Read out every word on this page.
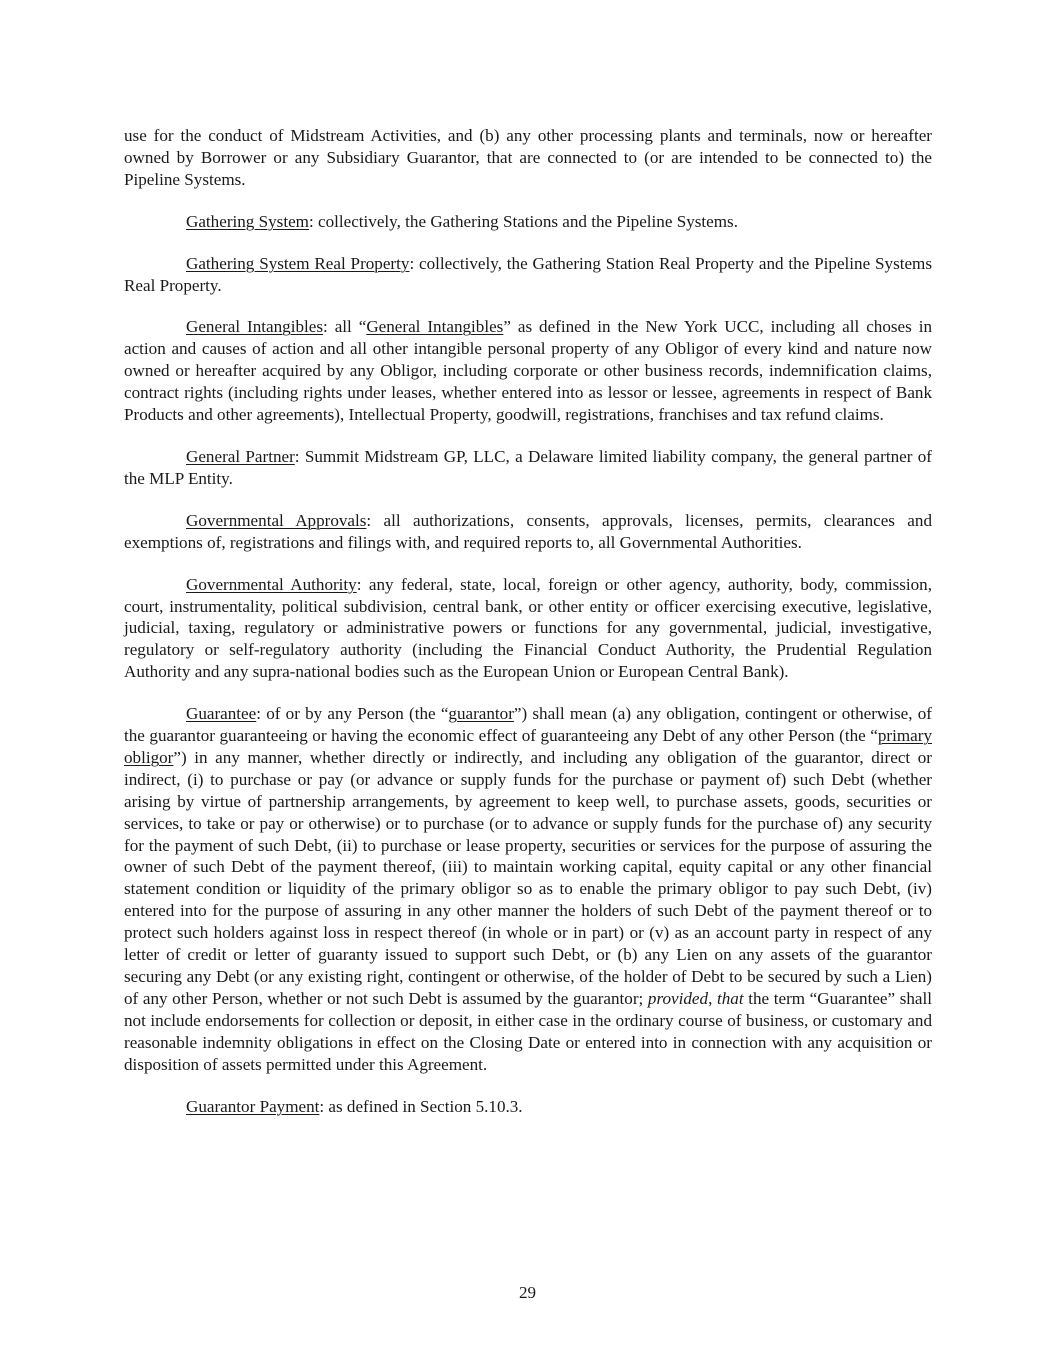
use for the conduct of Midstream Activities, and (b) any other processing plants and terminals, now or hereafter owned by Borrower or any Subsidiary Guarantor, that are connected to (or are intended to be connected to) the Pipeline Systems.

Gathering System: collectively, the Gathering Stations and the Pipeline Systems.

Gathering System Real Property: collectively, the Gathering Station Real Property and the Pipeline Systems Real Property.

General Intangibles: all “General Intangibles” as defined in the New York UCC, including all choses in action and causes of action and all other intangible personal property of any Obligor of every kind and nature now owned or hereafter acquired by any Obligor, including corporate or other business records, indemnification claims, contract rights (including rights under leases, whether entered into as lessor or lessee, agreements in respect of Bank Products and other agreements), Intellectual Property, goodwill, registrations, franchises and tax refund claims.

General Partner: Summit Midstream GP, LLC, a Delaware limited liability company, the general partner of the MLP Entity.

Governmental Approvals: all authorizations, consents, approvals, licenses, permits, clearances and exemptions of, registrations and filings with, and required reports to, all Governmental Authorities.

Governmental Authority: any federal, state, local, foreign or other agency, authority, body, commission, court, instrumentality, political subdivision, central bank, or other entity or officer exercising executive, legislative, judicial, taxing, regulatory or administrative powers or functions for any governmental, judicial, investigative, regulatory or self-regulatory authority (including the Financial Conduct Authority, the Prudential Regulation Authority and any supra-national bodies such as the European Union or European Central Bank).

Guarantee: of or by any Person (the “guarantor”) shall mean (a) any obligation, contingent or otherwise, of the guarantor guaranteeing or having the economic effect of guaranteeing any Debt of any other Person (the “primary obligor”) in any manner, whether directly or indirectly, and including any obligation of the guarantor, direct or indirect, (i) to purchase or pay (or advance or supply funds for the purchase or payment of) such Debt (whether arising by virtue of partnership arrangements, by agreement to keep well, to purchase assets, goods, securities or services, to take or pay or otherwise) or to purchase (or to advance or supply funds for the purchase of) any security for the payment of such Debt, (ii) to purchase or lease property, securities or services for the purpose of assuring the owner of such Debt of the payment thereof, (iii) to maintain working capital, equity capital or any other financial statement condition or liquidity of the primary obligor so as to enable the primary obligor to pay such Debt, (iv) entered into for the purpose of assuring in any other manner the holders of such Debt of the payment thereof or to protect such holders against loss in respect thereof (in whole or in part) or (v) as an account party in respect of any letter of credit or letter of guaranty issued to support such Debt, or (b) any Lien on any assets of the guarantor securing any Debt (or any existing right, contingent or otherwise, of the holder of Debt to be secured by such a Lien) of any other Person, whether or not such Debt is assumed by the guarantor; provided, that the term “Guarantee” shall not include endorsements for collection or deposit, in either case in the ordinary course of business, or customary and reasonable indemnity obligations in effect on the Closing Date or entered into in connection with any acquisition or disposition of assets permitted under this Agreement.

Guarantor Payment: as defined in Section 5.10.3.

29
